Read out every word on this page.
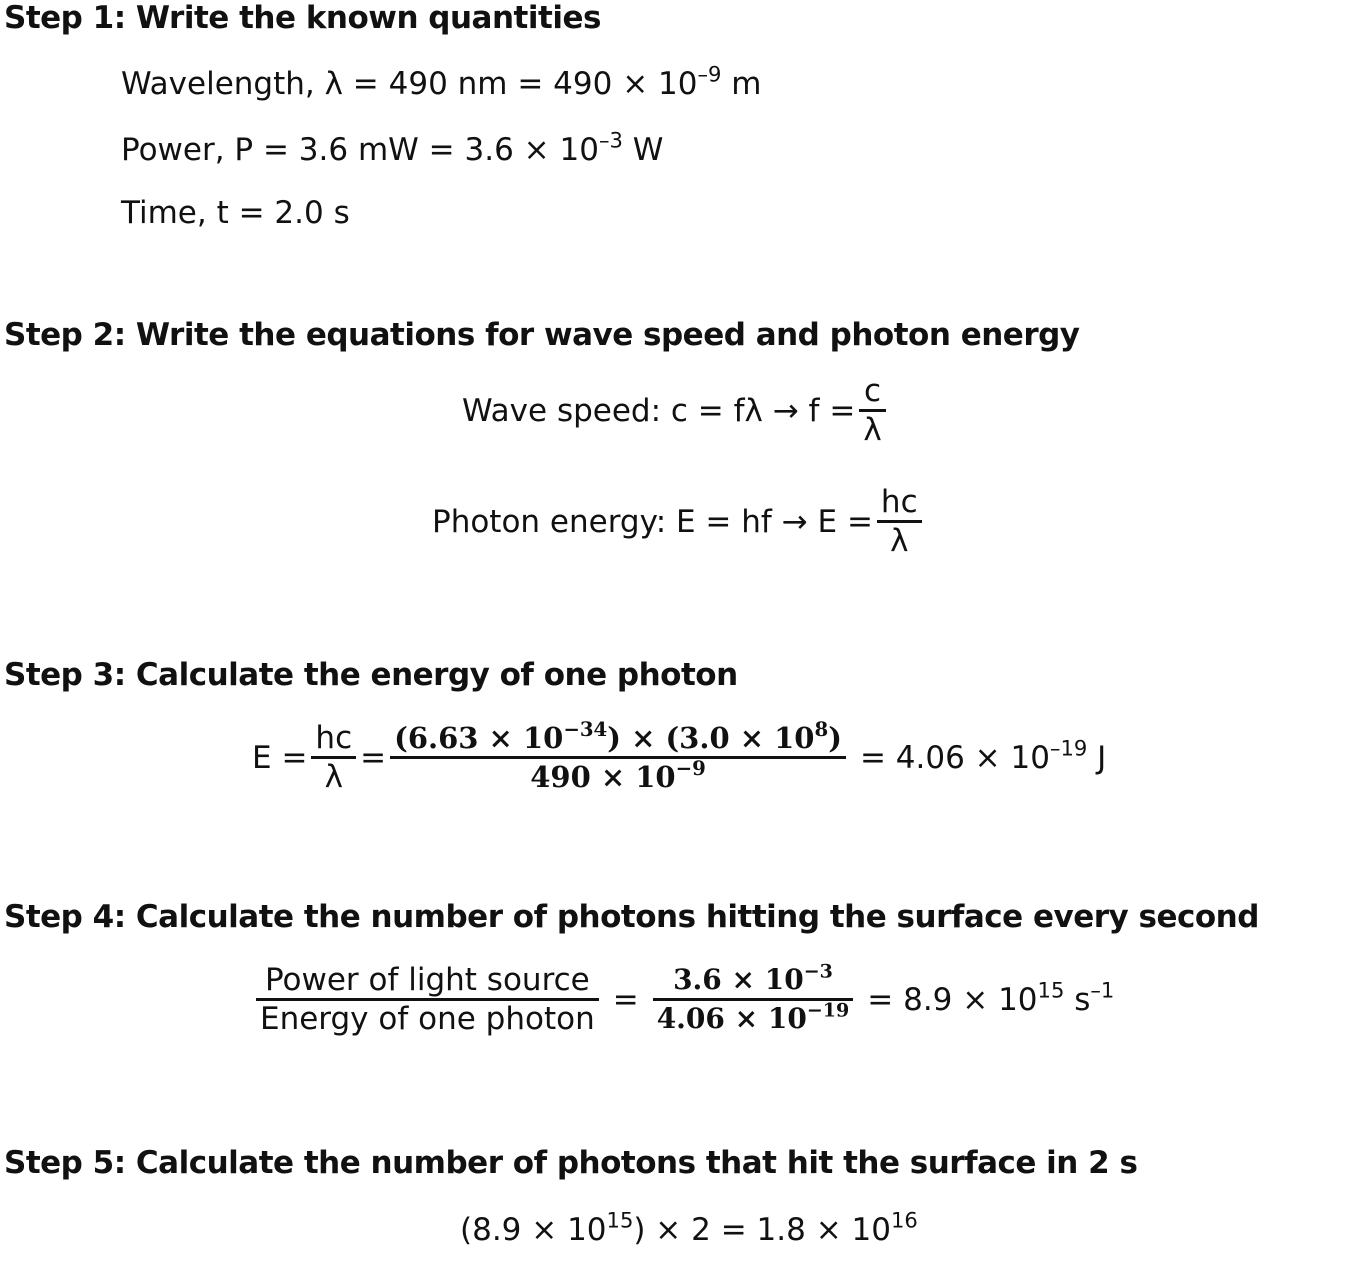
Step 1: Write the known quantities
Wavelength, λ = 490 nm = $490 \times 10^{-9}$ m
Power, P = 3.6 mW = $3.6 \times 10^{-3}$ W
Time, t = 2.0 s
Step 2: Write the equations for wave speed and photon energy
Wave speed: $c = f\lambda \to f = \frac{c}{\lambda}$
Photon energy: E = hf → $E = \frac{hc}{\lambda}$
Step 3: Calculate the energy of one photon
$E = \frac{hc}{\lambda} = \frac{(6.63 \times 10^{-34}) \times (3.0 \times 10^8)}{490 \times 10^{-9}} = 4.06 \times 10^{-19}$ J
Step 4: Calculate the number of photons hitting the surface every second
$\frac{\text{Power of light source}}{\text{Energy of one photon}} = \frac{3.6 \times 10^{-3}}{4.06 \times 10^{-19}} = 8.9 \times 10^{15}$ $s^{-1}$
Step 5: Calculate the number of photons that hit the surface in 2 s
$(8.9 \times 10^{15}) \times 2 = 1.8 \times 10^{16}$
